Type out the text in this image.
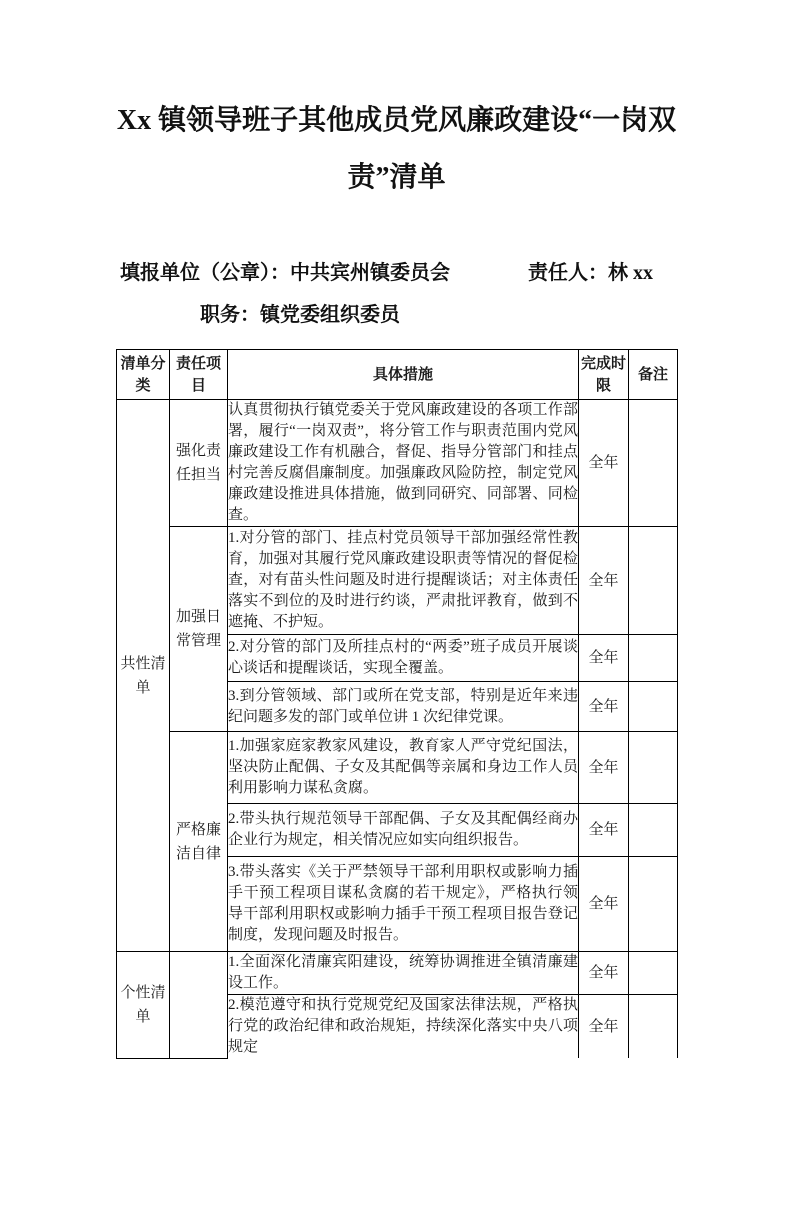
Xx 镇领导班子其他成员党风廉政建设“一岗双责”清单
填报单位（公章）：中共宾州镇委员会	责任人：林 xx
职务：镇党委组织委员
清单分类	责任项目	具体措施	完成时限	备注
共性清单	强化责任担当	认真贯彻执行镇党委关于党风廉政建设的各项工作部署，履行“一岗双责”，将分管工作与职责范围内党风廉政建设工作有机融合，督促、指导分管部门和挂点村完善反腐倡廉制度。加强廉政风险防控，制定党风廉政建设推进具体措施，做到同研究、同部署、同检查。	全年	
	加强日常管理	1.对分管的部门、挂点村党员领导干部加强经常性教育，加强对其履行党风廉政建设职责等情况的督促检查，对有苗头性问题及时进行提醒谈话；对主体责任落实不到位的及时进行约谈，严肃批评教育，做到不遮掩、不护短。	全年	
		2.对分管的部门及所挂点村的“两委”班子成员开展谈心谈话和提醒谈话，实现全覆盖。	全年	
		3.到分管领域、部门或所在党支部，特别是近年来违纪问题多发的部门或单位讲 1 次纪律党课。	全年	
	严格廉洁自律	1.加强家庭家教家风建设，教育家人严守党纪国法，坚决防止配偶、子女及其配偶等亲属和身边工作人员利用影响力谋私贪腐。	全年	
		2.带头执行规范领导干部配偶、子女及其配偶经商办企业行为规定，相关情况应如实向组织报告。	全年	
		3.带头落实《关于严禁领导干部利用职权或影响力插手干预工程项目谋私贪腐的若干规定》，严格执行领导干部利用职权或影响力插手干预工程项目报告登记制度，发现问题及时报告。	全年	
个性清单		1.全面深化清廉宾阳建设，统筹协调推进全镇清廉建设工作。	全年	
		2.模范遵守和执行党规党纪及国家法律法规，严格执行党的政治纪律和政治规矩，持续深化落实中央八项规定	全年	
